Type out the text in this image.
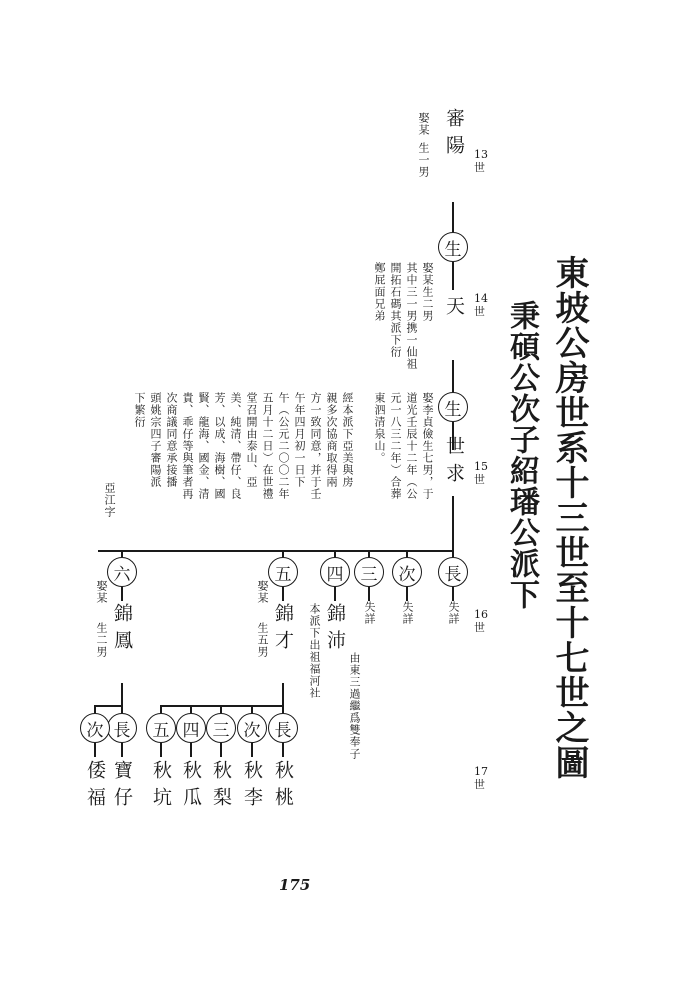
東坡公房世系十三世至十七世之圖
秉碩公次子紹璠公派下
13
世
14
世
15
世
16
世
17
世
審陽
娶某
生一男
生
天
娶某生二男
其中三一男携一仙祖
開拓石碼其派下衍
鄭屁面兄弟
生
世求
娶李貞儉生七男，于
道光壬辰十二年（公
元一八三二年）合葬
東泗清泉山。
經本派下亞美與房
親多次協商取得兩
方一致同意，并于壬
午年四月初一日下
午（公元二〇〇二年
五月十二日）在世禮
堂召開由泰山、亞
美、純清、帶仔、良
芳、以成、海樹、國
賢、龍海、國金、清
貴、乖仔等與筆者再
次商議同意承接播
頭姚宗四子審陽派
下繁衍
亞江字
長
失詳
次
失詳
三
失詳
四
錦沛
本派下出祖福河社
由東三過繼爲雙奉子
五
錦才
娶某
生五男
六
錦鳳
娶某
生二男
長
秋桃
次
秋李
三
秋梨
四
秋瓜
五
秋坑
長
寶仔
次
倭福
175
